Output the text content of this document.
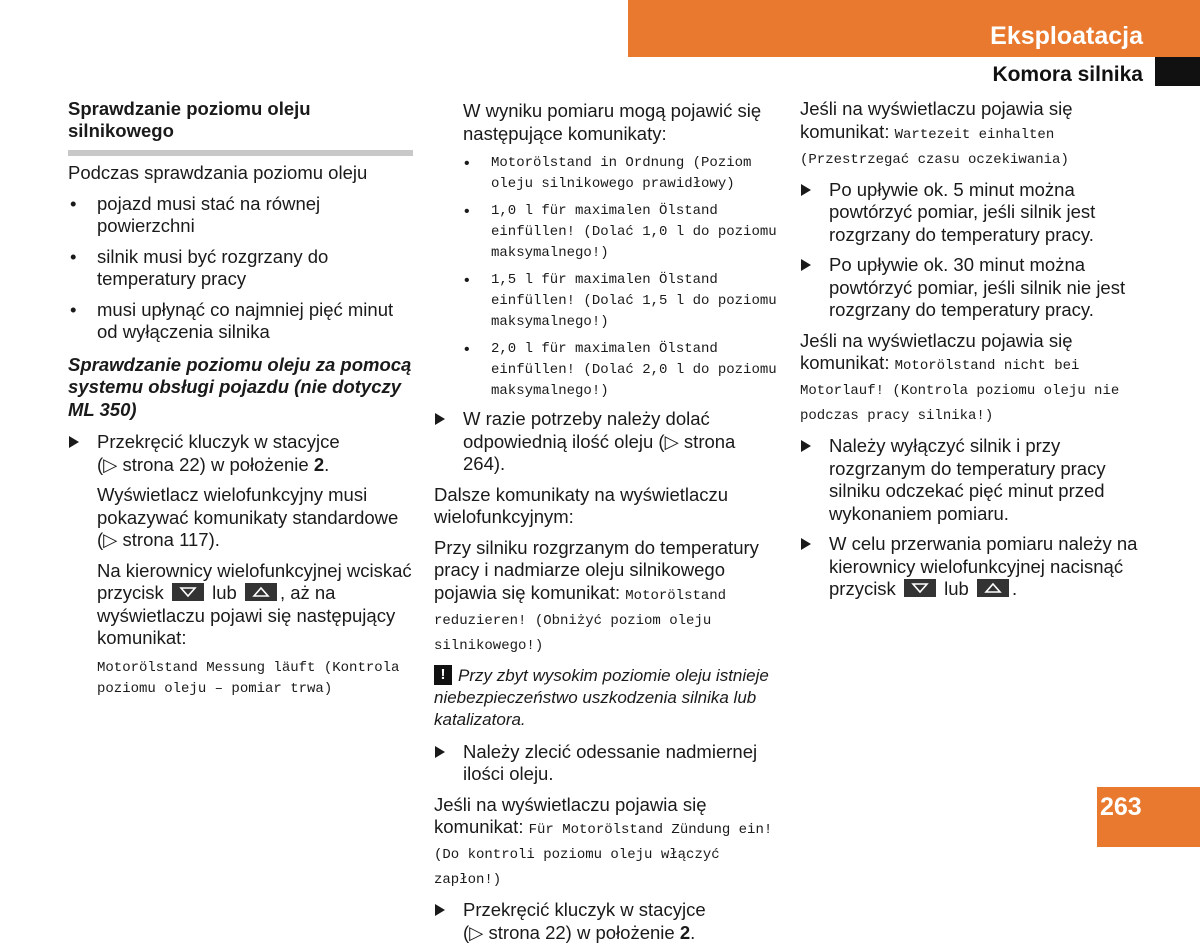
Eksploatacja
Komora silnika
Sprawdzanie poziomu oleju silnikowego

Podczas sprawdzania poziomu oleju

• pojazd musi stać na równej powierzchni
• silnik musi być rozgrzany do temperatury pracy
• musi upłynąć co najmniej pięć minut od wyłączenia silnika
Sprawdzanie poziomu oleju za pomocą systemu obsługi pojazdu (nie dotyczy ML 350)
Przekręcić kluczyk w stacyjce
(▷ strona 22) w położenie 2.

Wyświetlacz wielofunkcyjny musi pokazywać komunikaty standardowe (▷ strona 117).

Na kierownicy wielofunkcyjnej wciskać przycisk	lub , aż na wyświetlaczu pojawi się następujący komunikat:

Motorölstand Messung läuft (Kontrola poziomu oleju – pomiar trwa)

W wyniku pomiaru mogą pojawić się następujące komunikaty:

• Motorölstand in Ordnung (Poziom oleju silnikowego prawidłowy)
• 1,0 l für maximalen Ölstand einfüllen! (Dolać 1,0 l do poziomu maksymalnego!)
• 1,5 l für maximalen Ölstand einfüllen! (Dolać 1,5 l do poziomu maksymalnego!)
• 2,0 l für maximalen Ölstand einfüllen! (Dolać 2,0 l do poziomu maksymalnego!)
W razie potrzeby należy dolać odpowiednią ilość oleju (▷ strona 264).

Dalsze komunikaty na wyświetlaczu wielofunkcyjnym:

Przy silniku rozgrzanym do temperatury pracy i nadmiarze oleju silnikowego pojawia się komunikat: Motorölstand reduzieren! (Obniżyć poziom oleju silnikowego!)

! Przy zbyt wysokim poziomie oleju istnieje niebezpieczeństwo uszkodzenia silnika lub katalizatora.
Należy zlecić odessanie nadmiernej ilości oleju.

Jeśli na wyświetlaczu pojawia się komunikat: Für Motorölstand Zündung ein! (Do kontroli poziomu oleju włączyć zapłon!)

Przekręcić kluczyk w stacyjce
(▷ strona 22) w położenie 2.

Jeśli na wyświetlaczu pojawia się komunikat: Wartezeit einhalten (Przestrzegać czasu oczekiwania)

Po upływie ok. 5 minut można powtórzyć pomiar, jeśli silnik jest rozgrzany do temperatury pracy.
Po upływie ok. 30 minut można powtórzyć pomiar, jeśli silnik nie jest rozgrzany do temperatury pracy.

Jeśli na wyświetlaczu pojawia się komunikat: Motorölstand nicht bei Motorlauf! (Kontrola poziomu oleju nie podczas pracy silnika!)

Należy wyłączyć silnik i przy rozgrzanym do temperatury pracy silniku odczekać pięć minut przed wykonaniem pomiaru.
W celu przerwania pomiaru należy na kierownicy wielofunkcyjnej nacisnąć przycisk	lub .
263
